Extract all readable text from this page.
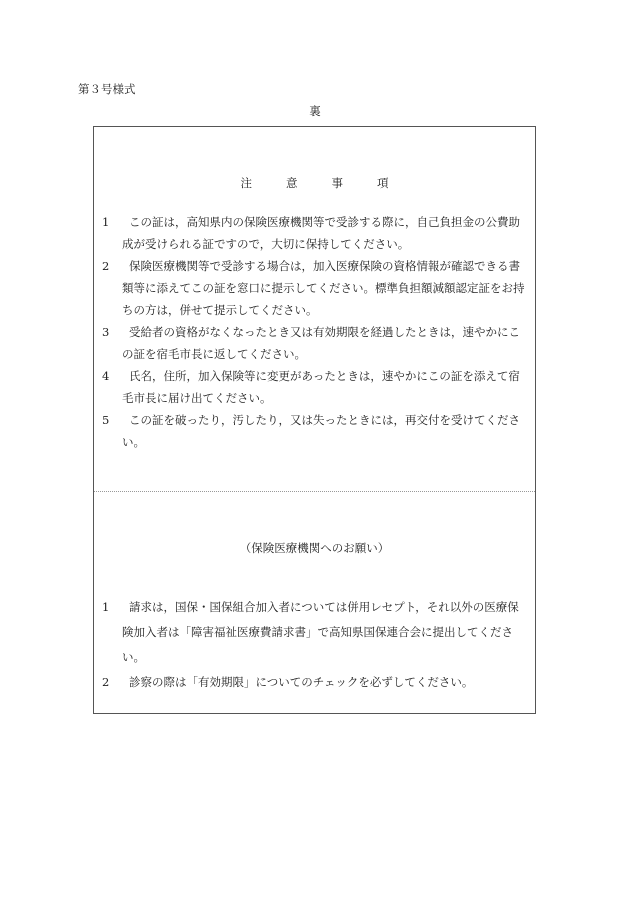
第３号様式
裏
注	意	事	項
1	この証は，高知県内の保険医療機関等で受診する際に，自己負担金の公費助成が受けられる証ですので，大切に保持してください。
2	保険医療機関等で受診する場合は，加入医療保険の資格情報が確認できる書類等に添えてこの証を窓口に提示してください。標準負担額減額認定証をお持ちの方は，併せて提示してください。
3	受給者の資格がなくなったとき又は有効期限を経過したときは，速やかにこの証を宿毛市長に返してください。
4	氏名，住所，加入保険等に変更があったときは，速やかにこの証を添えて宿毛市長に届け出てください。
5	この証を破ったり，汚したり，又は失ったときには，再交付を受けてください。
（保険医療機関へのお願い）
1	請求は，国保・国保組合加入者については併用レセプト，それ以外の医療保険加入者は「障害福祉医療費請求書」で高知県国保連合会に提出してください。
2	診察の際は「有効期限」についてのチェックを必ずしてください。
